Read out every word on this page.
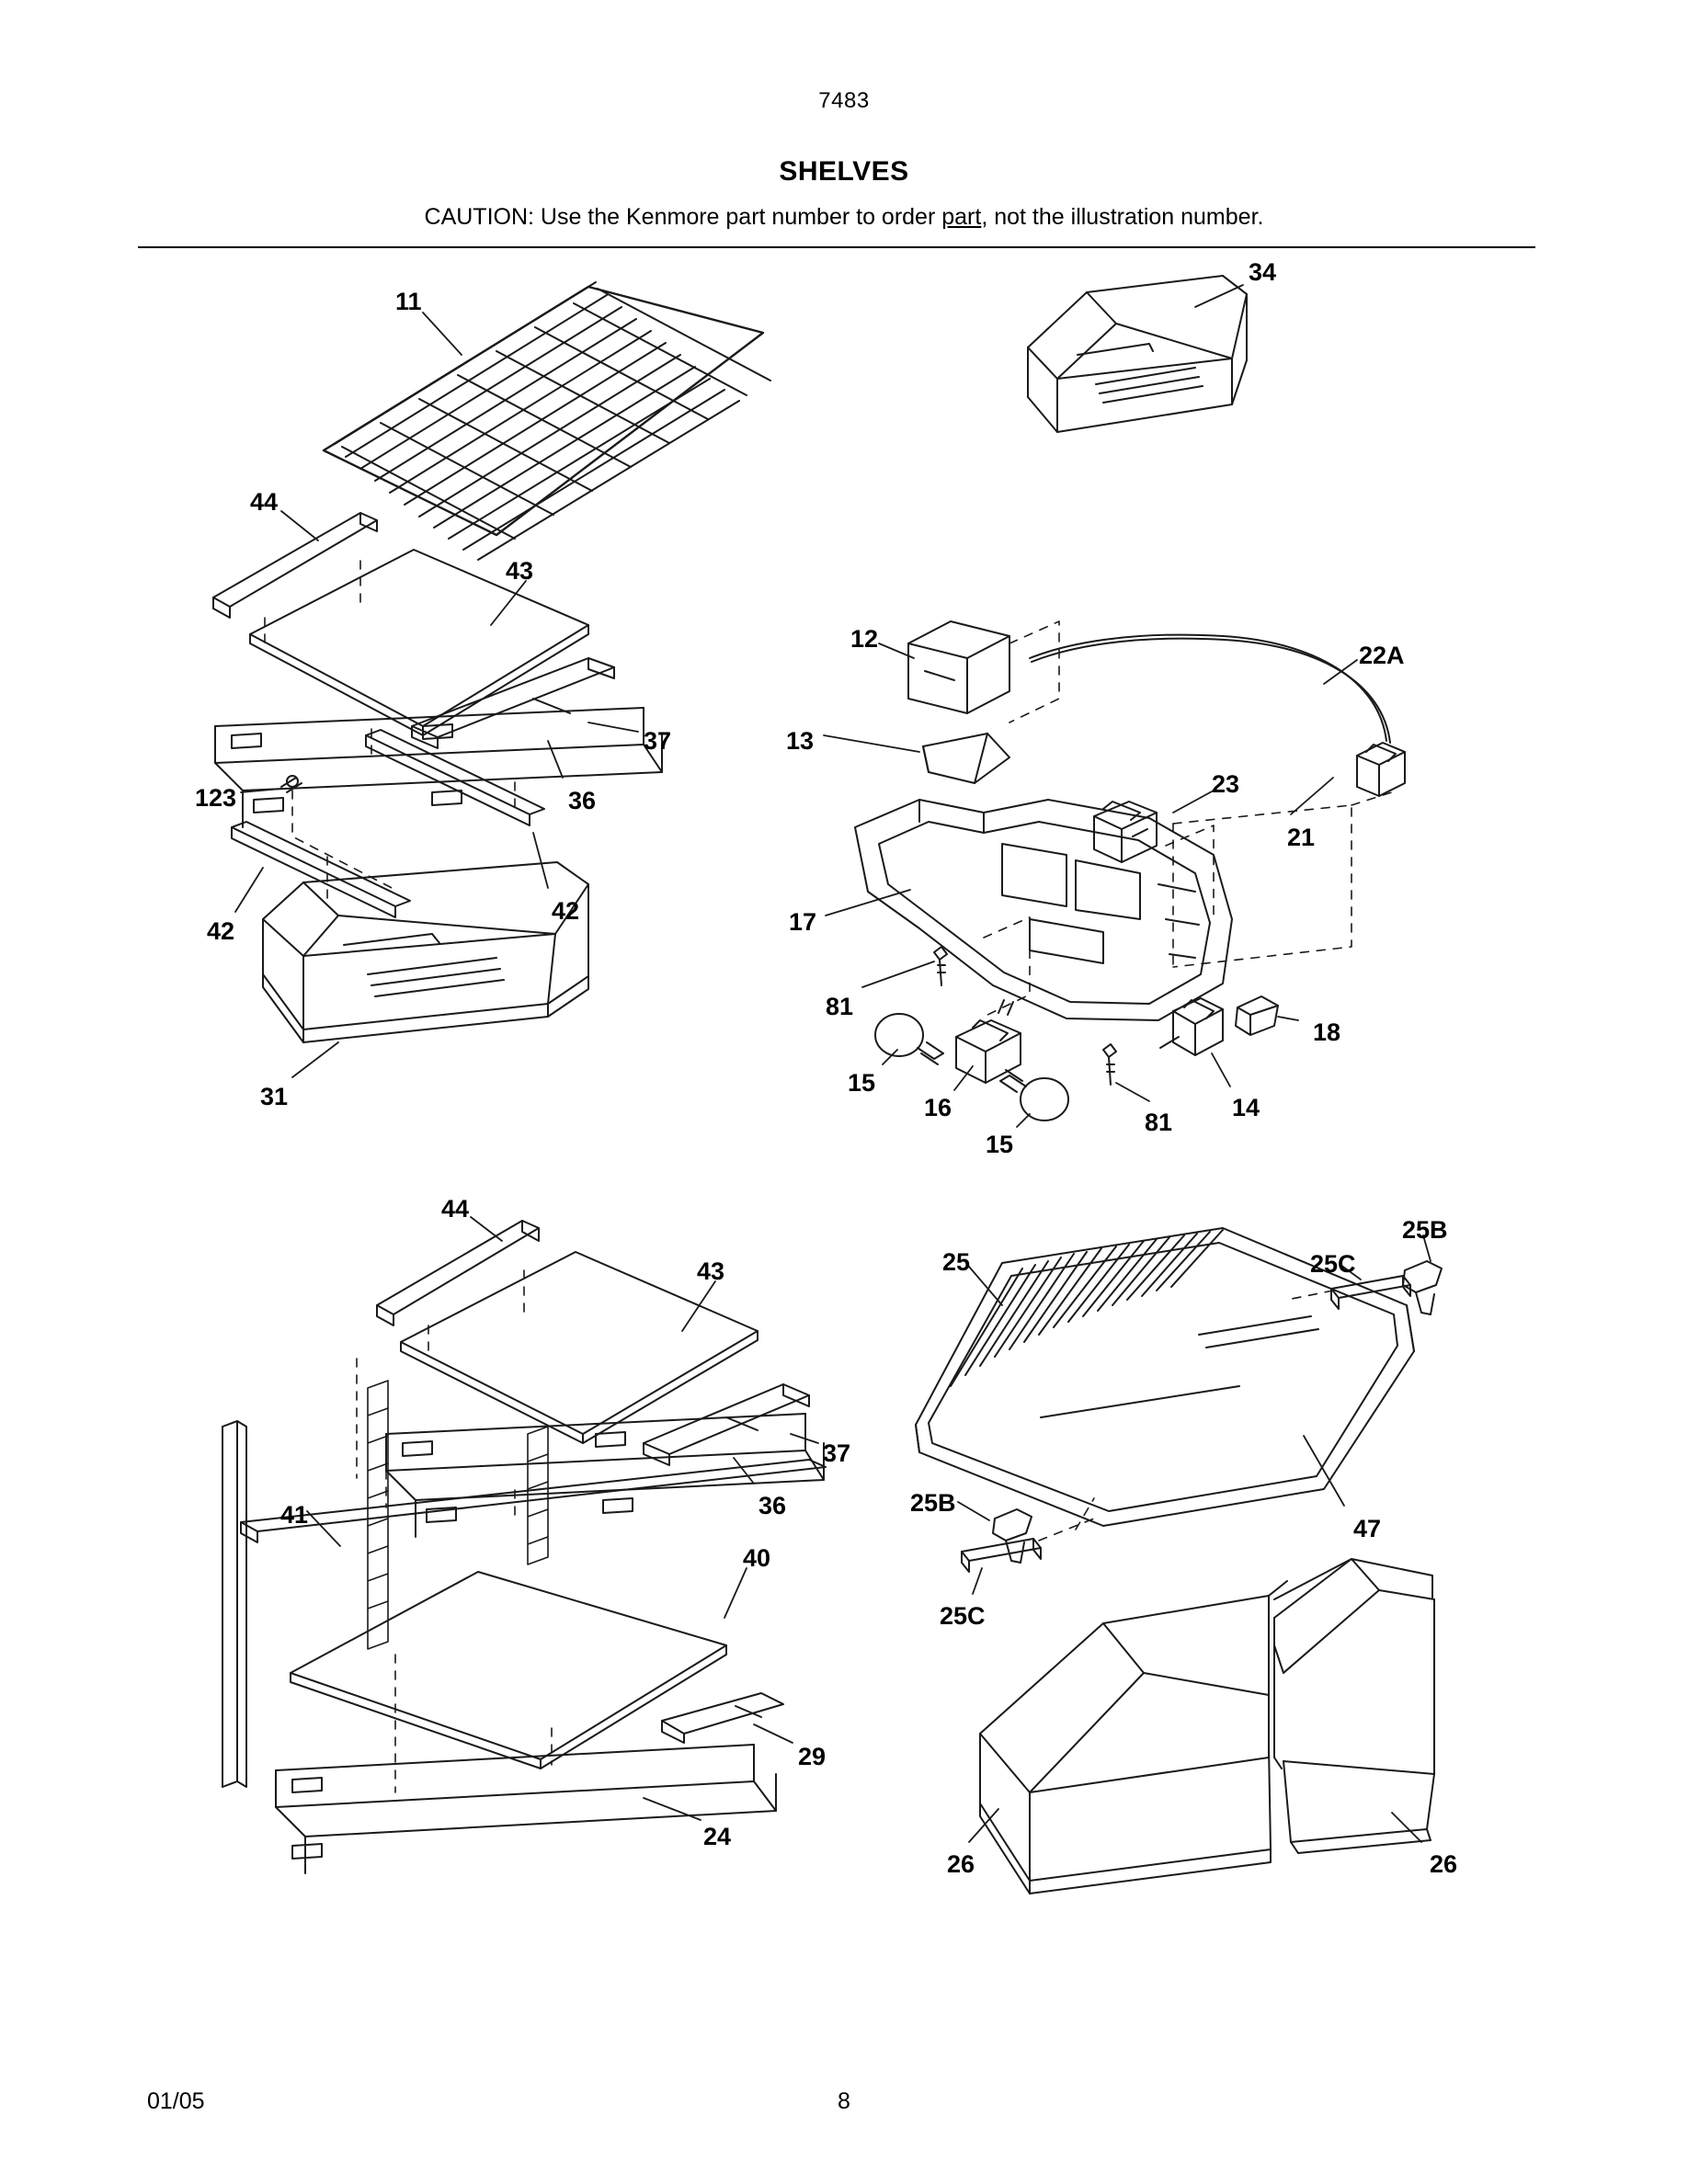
7483
SHELVES
CAUTION: Use the Kenmore part number to order part, not the illustration number.
11
34
44
43
37
36
123
42
42
31
12
22A
13
23
21
17
81
18
15
16	14
81
15
44
43	25	25C
25B
37
36
47
25B
41
40
25C
29
24
26	26
01/05	8
